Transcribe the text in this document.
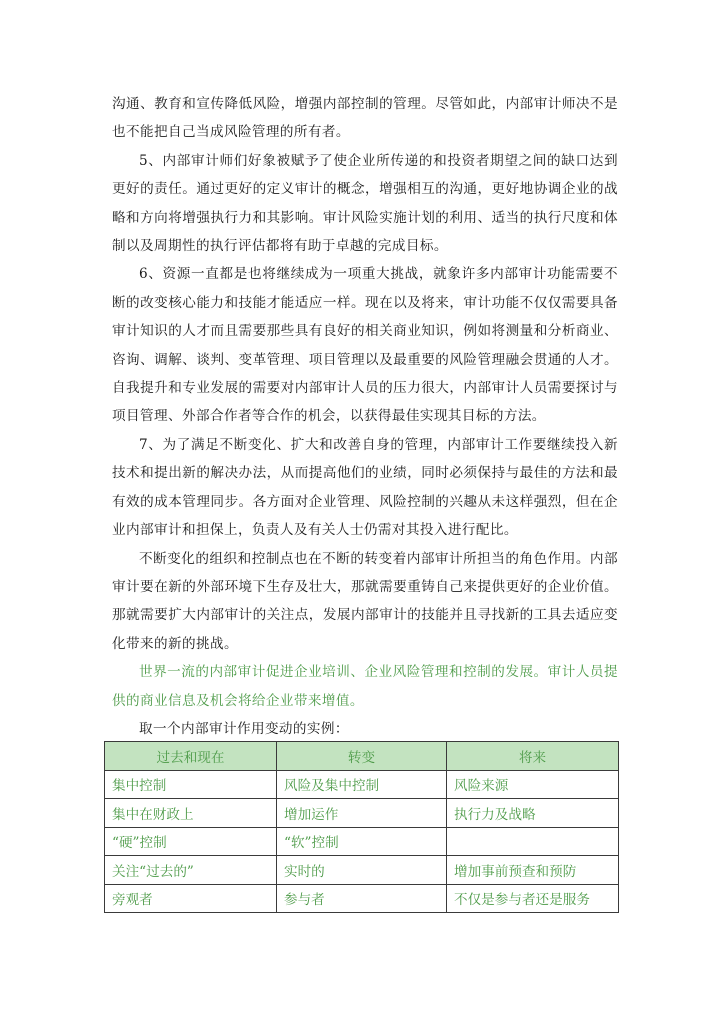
沟通、教育和宣传降低风险，增强内部控制的管理。尽管如此，内部审计师决不是也不能把自己当成风险管理的所有者。

5、内部审计师们好象被赋予了使企业所传递的和投资者期望之间的缺口达到更好的责任。通过更好的定义审计的概念，增强相互的沟通，更好地协调企业的战略和方向将增强执行力和其影响。审计风险实施计划的利用、适当的执行尺度和体制以及周期性的执行评估都将有助于卓越的完成目标。

6、资源一直都是也将继续成为一项重大挑战，就象许多内部审计功能需要不断的改变核心能力和技能才能适应一样。现在以及将来，审计功能不仅仅需要具备审计知识的人才而且需要那些具有良好的相关商业知识，例如将测量和分析商业、咨询、调解、谈判、变革管理、项目管理以及最重要的风险管理融会贯通的人才。自我提升和专业发展的需要对内部审计人员的压力很大，内部审计人员需要探讨与项目管理、外部合作者等合作的机会，以获得最佳实现其目标的方法。

7、为了满足不断变化、扩大和改善自身的管理，内部审计工作要继续投入新技术和提出新的解决办法，从而提高他们的业绩，同时必须保持与最佳的方法和最有效的成本管理同步。各方面对企业管理、风险控制的兴趣从未这样强烈，但在企业内部审计和担保上，负责人及有关人士仍需对其投入进行配比。

不断变化的组织和控制点也在不断的转变着内部审计所担当的角色作用。内部审计要在新的外部环境下生存及壮大，那就需要重铸自己来提供更好的企业价值。那就需要扩大内部审计的关注点，发展内部审计的技能并且寻找新的工具去适应变化带来的新的挑战。

世界一流的内部审计促进企业培训、企业风险管理和控制的发展。审计人员提供的商业信息及机会将给企业带来增值。

取一个内部审计作用变动的实例：

过去和现在	转变	将来
集中控制	风险及集中控制	风险来源
集中在财政上	增加运作	执行力及战略
“硬”控制	“软”控制	
关注“过去的”	实时的	增加事前预查和预防
旁观者	参与者	不仅是参与者还是服务
